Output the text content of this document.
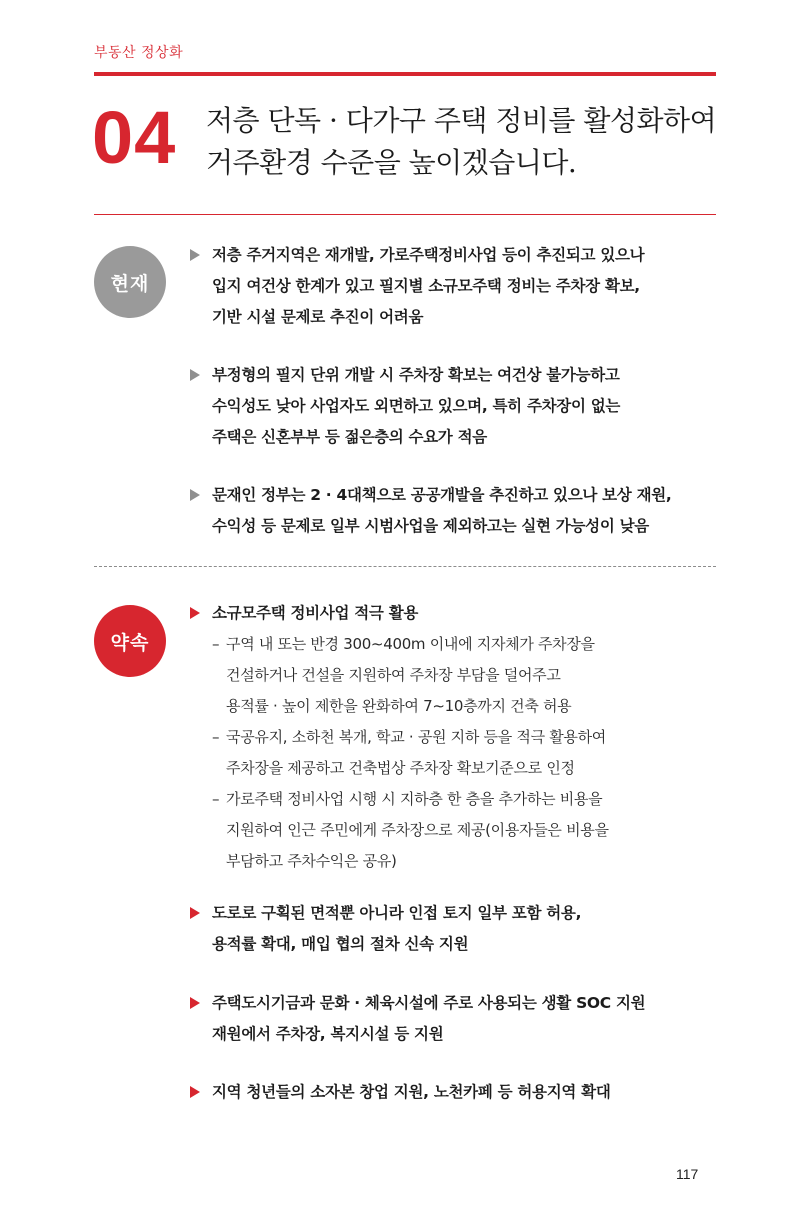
부동산 정상화
04 저층 단독 · 다가구 주택 정비를 활성화하여
거주환경 수준을 높이겠습니다.
현재
저층 주거지역은 재개발, 가로주택정비사업 등이 추진되고 있으나
입지 여건상 한계가 있고 필지별 소규모주택 정비는 주차장 확보,
기반 시설 문제로 추진이 어려움
부정형의 필지 단위 개발 시 주차장 확보는 여건상 불가능하고
수익성도 낮아 사업자도 외면하고 있으며, 특히 주차장이 없는
주택은 신혼부부 등 젊은층의 수요가 적음
문재인 정부는 2 · 4대책으로 공공개발을 추진하고 있으나 보상 재원,
수익성 등 문제로 일부 시범사업을 제외하고는 실현 가능성이 낮음
약속
소규모주택 정비사업 적극 활용
– 구역 내 또는 반경 300∼400m 이내에 지자체가 주차장을
건설하거나 건설을 지원하여 주차장 부담을 덜어주고
용적률 · 높이 제한을 완화하여 7∼10층까지 건축 허용
– 국공유지, 소하천 복개, 학교 · 공원 지하 등을 적극 활용하여
주차장을 제공하고 건축법상 주차장 확보기준으로 인정
– 가로주택 정비사업 시행 시 지하층 한 층을 추가하는 비용을
지원하여 인근 주민에게 주차장으로 제공(이용자들은 비용을
부담하고 주차수익은 공유)
도로로 구획된 면적뿐 아니라 인접 토지 일부 포함 허용,
용적률 확대, 매입 협의 절차 신속 지원
주택도시기금과 문화 · 체육시설에 주로 사용되는 생활 SOC 지원
재원에서 주차장, 복지시설 등 지원
지역 청년들의 소자본 창업 지원, 노천카페 등 허용지역 확대
117
